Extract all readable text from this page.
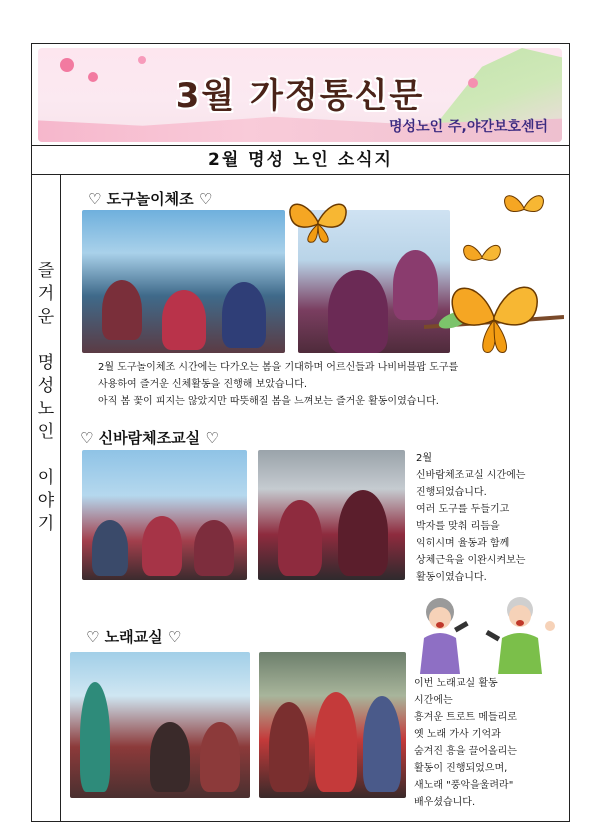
3월 가정통신문
명성노인 주,야간보호센터
2월 명성 노인 소식지
즐
거
운

명
성
노
인

이
야
기
♡ 도구놀이체조 ♡
2월 도구놀이체조 시간에는 다가오는 봄을 기대하며 어르신들과 나비버블팝 도구를
사용하여 즐거운 신체활동을 진행해 보았습니다.
아직 봄 꽃이 피지는 않았지만 따뜻해질 봄을 느껴보는 즐거운 활동이였습니다.
♡ 신바람체조교실 ♡
2월
신바람체조교실 시간에는
진행되었습니다.
여러 도구를 두들기고
박자를 맞춰 리듬을
익히시며 율동과 함께
상체근육을 이완시켜보는
활동이였습니다.
♡ 노래교실 ♡
이번 노래교실 활동
시간에는
흥겨운 트로트 메들리로
옛 노래 가사 기억과
숨겨진 흥을 끌어올리는
활동이 진행되었으며,
새노래 "풍악을울려라"
배우셨습니다.
